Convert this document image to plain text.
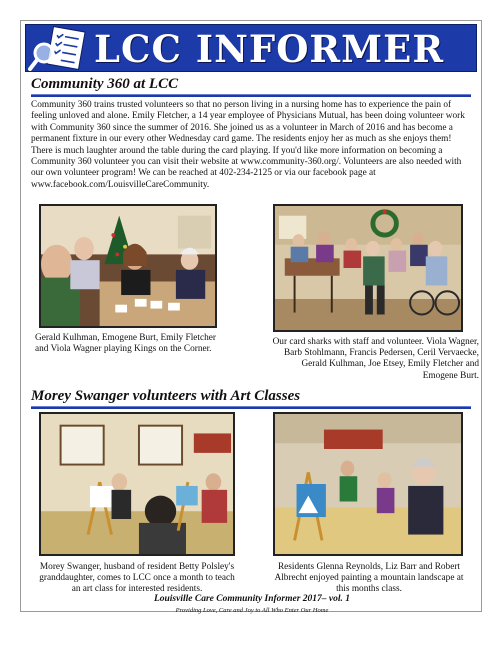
LCC INFORMER
Community 360 at LCC
Community 360 trains trusted volunteers so that no person living in a nursing home has to experience the pain of feeling unloved and alone. Emily Fletcher, a 14 year employee of Physicians Mutual, has been doing volunteer work with Community 360 since the summer of 2016. She joined us as a volunteer in March of 2016 and has become a permanent fixture in our every other Wednesday card game. The residents enjoy her as much as she enjoys them! There is much laughter around the table during the card playing. If you'd like more information on becoming a Community 360 volunteer you can visit their website at www.community-360.org/. Volunteers are also needed with our own volunteer program! We can be reached at 402-234-2125 or via our facebook page at www.facebook.com/LouisvilleCareCommunity.
Gerald Kulhman, Emogene Burt, Emily Fletcher and Viola Wagner playing Kings on the Corner.
Our card sharks with staff and volunteer. Viola Wagner, Barb Stohlmann, Francis Pedersen, Ceril Vervaecke, Gerald Kulhman, Joe Etsey, Emily Fletcher and Emogene Burt.
Morey Swanger volunteers with Art Classes
Morey Swanger, husband of resident Betty Polsley's granddaughter, comes to LCC once a month to teach an art class for interested residents.
Residents Glenna Reynolds, Liz Barr and Robert Albrecht enjoyed painting a mountain landscape at this months class.
Louisville Care Community Informer 2017– vol. 1
Providing Love, Care and Joy to All Who Enter Our Home
